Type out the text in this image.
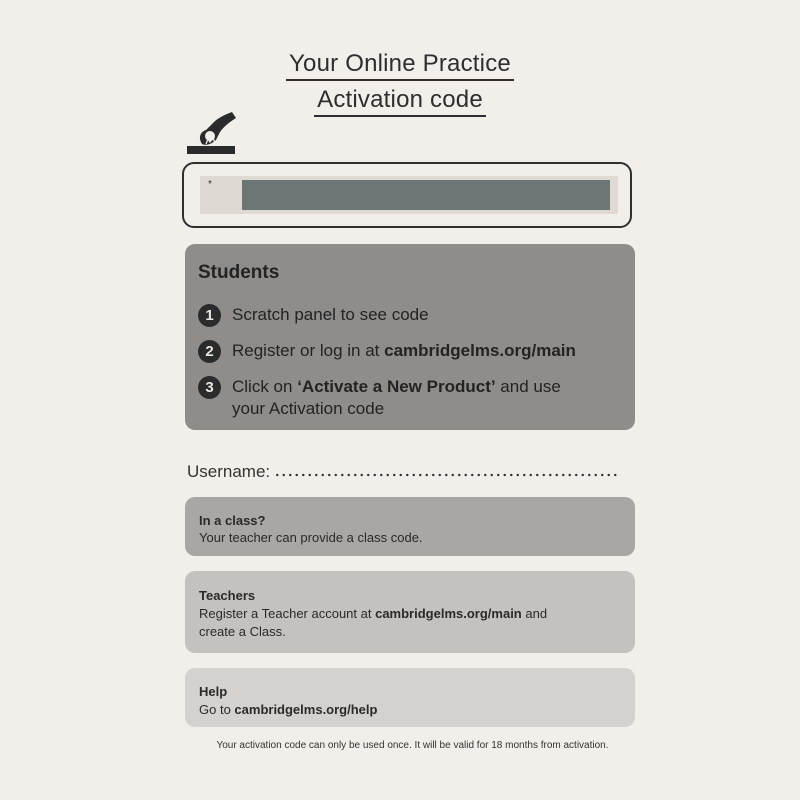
Your Online Practice
Activation code
*
Students
1	Scratch panel to see code
2	Register or log in at cambridgelms.org/main
3	Click on ‘Activate a New Product’ and use
your Activation code
Username:
In a class?
Your teacher can provide a class code.
Teachers
Register a Teacher account at cambridgelms.org/main and
create a Class.
Help
Go to cambridgelms.org/help
Your activation code can only be used once. It will be valid for 18 months from activation.
